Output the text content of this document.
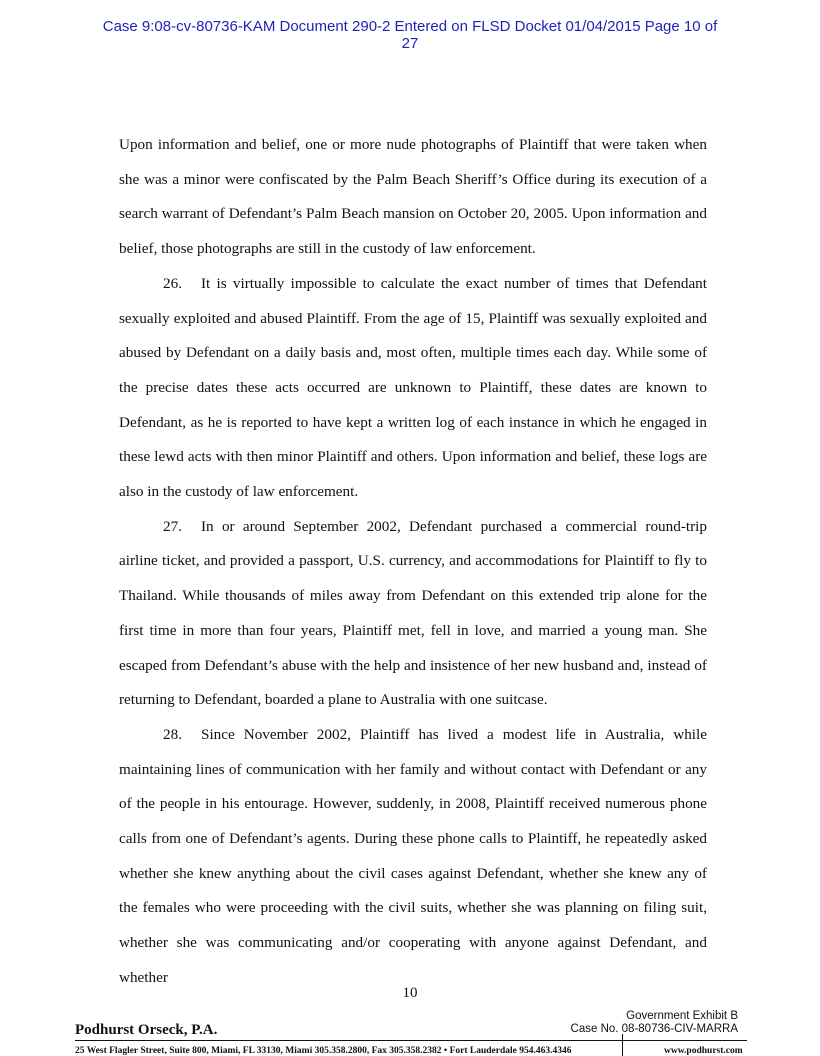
Case 9:08-cv-80736-KAM Document 290-2 Entered on FLSD Docket 01/04/2015 Page 10 of
27

Upon information and belief, one or more nude photographs of Plaintiff that were taken when she was a minor were confiscated by the Palm Beach Sheriff’s Office during its execution of a search warrant of Defendant’s Palm Beach mansion on October 20, 2005. Upon information and belief, those photographs are still in the custody of law enforcement.

26. It is virtually impossible to calculate the exact number of times that Defendant sexually exploited and abused Plaintiff. From the age of 15, Plaintiff was sexually exploited and abused by Defendant on a daily basis and, most often, multiple times each day. While some of the precise dates these acts occurred are unknown to Plaintiff, these dates are known to Defendant, as he is reported to have kept a written log of each instance in which he engaged in these lewd acts with then minor Plaintiff and others. Upon information and belief, these logs are also in the custody of law enforcement.

27. In or around September 2002, Defendant purchased a commercial round-trip airline ticket, and provided a passport, U.S. currency, and accommodations for Plaintiff to fly to Thailand. While thousands of miles away from Defendant on this extended trip alone for the first time in more than four years, Plaintiff met, fell in love, and married a young man. She escaped from Defendant’s abuse with the help and insistence of her new husband and, instead of returning to Defendant, boarded a plane to Australia with one suitcase.

28. Since November 2002, Plaintiff has lived a modest life in Australia, while maintaining lines of communication with her family and without contact with Defendant or any of the people in his entourage. However, suddenly, in 2008, Plaintiff received numerous phone calls from one of Defendant’s agents. During these phone calls to Plaintiff, he repeatedly asked whether she knew anything about the civil cases against Defendant, whether she knew any of the females who were proceeding with the civil suits, whether she was planning on filing suit, whether she was communicating and/or cooperating with anyone against Defendant, and whether

10
Government Exhibit B
Case No. 08-80736-CIV-MARRA
Podhurst Orseck, P.A.
25 West Flagler Street, Suite 800, Miami, FL 33130, Miami 305.358.2800, Fax 305.358.2382 • Fort Lauderdale 954.463.4346	www.podhurst.com
